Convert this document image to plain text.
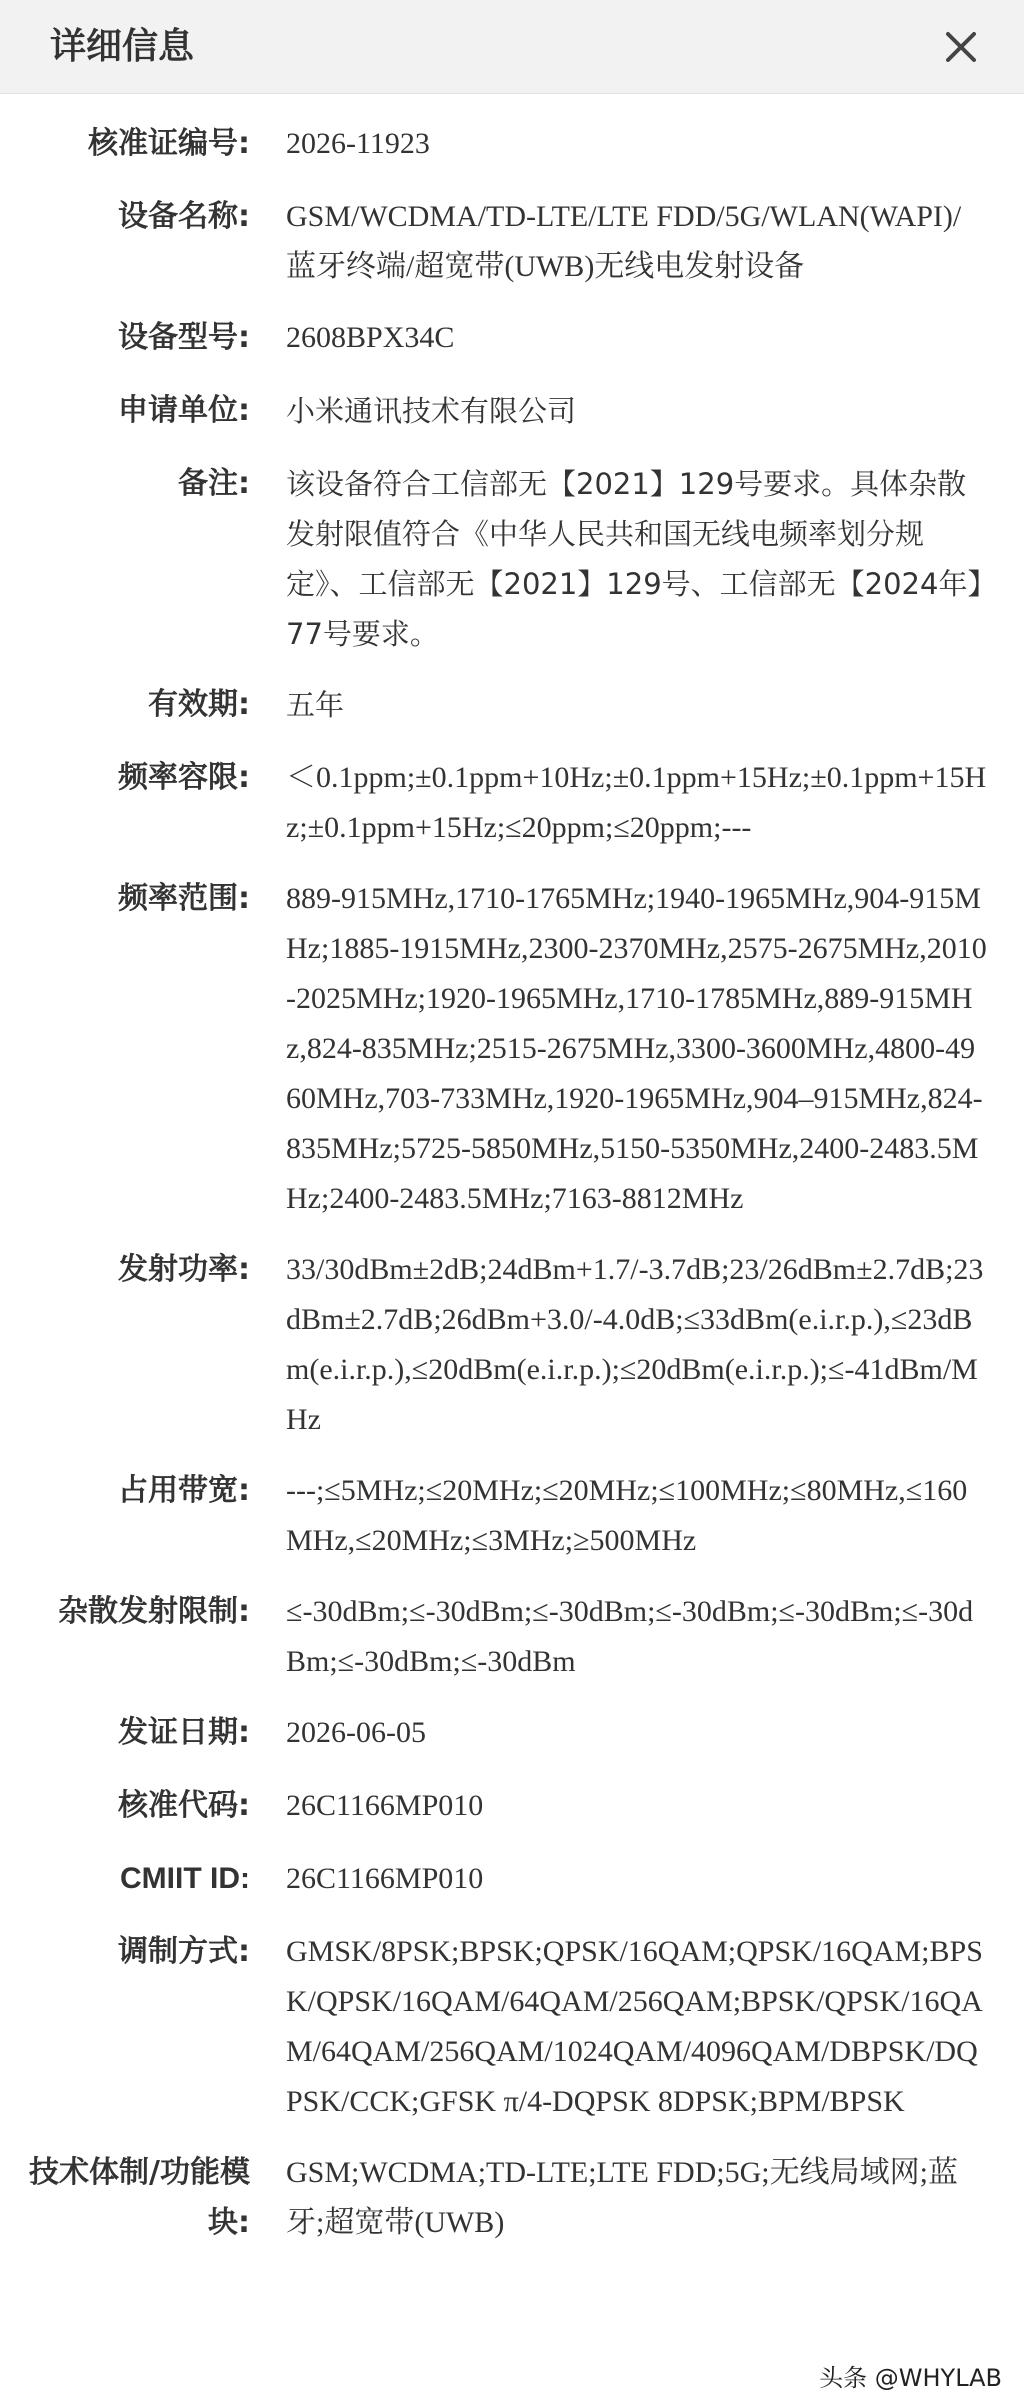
详细信息
核准证编号: 2026-11923
设备名称: GSM/WCDMA/TD-LTE/LTE FDD/5G/WLAN(WAPI)/蓝牙终端/超宽带(UWB)无线电发射设备
设备型号: 2608BPX34C
申请单位: 小米通讯技术有限公司
备注: 该设备符合工信部无【2021】129号要求。具体杂散发射限值符合《中华人民共和国无线电频率划分规定》、工信部无【2021】129号、工信部无【2024年】77号要求。
有效期: 五年
频率容限: ＜0.1ppm;±0.1ppm+10Hz;±0.1ppm+15Hz;±0.1ppm+15Hz;±0.1ppm+15Hz;≤20ppm;≤20ppm;---
频率范围: 889-915MHz,1710-1765MHz;1940-1965MHz,904-915MHz;1885-1915MHz,2300-2370MHz,2575-2675MHz,2010-2025MHz;1920-1965MHz,1710-1785MHz,889-915MHz,824-835MHz;2515-2675MHz,3300-3600MHz,4800-4960MHz,703-733MHz,1920-1965MHz,904–915MHz,824-835MHz;5725-5850MHz,5150-5350MHz,2400-2483.5MHz;2400-2483.5MHz;7163-8812MHz
发射功率: 33/30dBm±2dB;24dBm+1.7/-3.7dB;23/26dBm±2.7dB;23dBm±2.7dB;26dBm+3.0/-4.0dB;≤33dBm(e.i.r.p.),≤23dBm(e.i.r.p.),≤20dBm(e.i.r.p.);≤20dBm(e.i.r.p.);≤-41dBm/MHz
占用带宽: ---;≤5MHz;≤20MHz;≤20MHz;≤100MHz;≤80MHz,≤160MHz,≤20MHz;≤3MHz;≥500MHz
杂散发射限制: ≤-30dBm;≤-30dBm;≤-30dBm;≤-30dBm;≤-30dBm;≤-30dBm;≤-30dBm;≤-30dBm
发证日期: 2026-06-05
核准代码: 26C1166MP010
CMIIT ID: 26C1166MP010
调制方式: GMSK/8PSK;BPSK;QPSK/16QAM;QPSK/16QAM;BPSK/QPSK/16QAM/64QAM/256QAM;BPSK/QPSK/16QAM/64QAM/256QAM/1024QAM/4096QAM/DBPSK/DQPSK/CCK;GFSK π/4-DQPSK 8DPSK;BPM/BPSK
技术体制/功能模块:
GSM;WCDMA;TD-LTE;LTE FDD;5G;无线局域网;蓝牙;超宽带(UWB)
头条 @WHYLAB
